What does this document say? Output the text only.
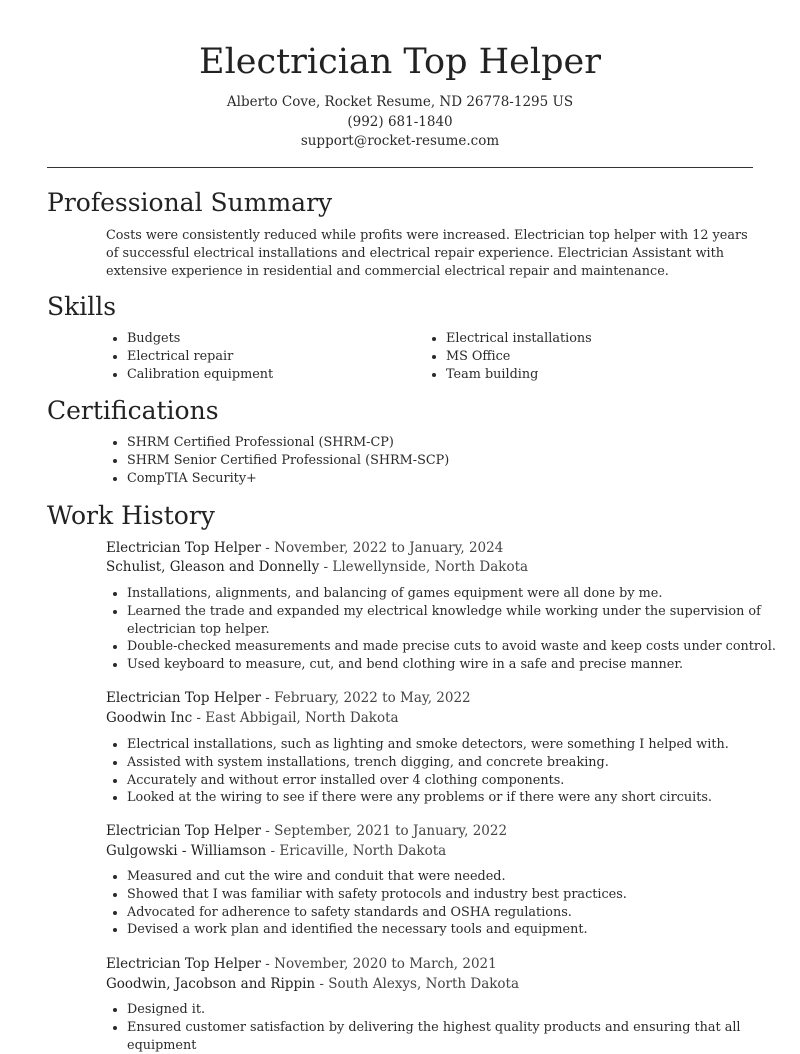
Electrician Top Helper
Alberto Cove, Rocket Resume, ND 26778-1295 US
(992) 681-1840
support@rocket-resume.com
Professional Summary

Costs were consistently reduced while profits were increased. Electrician top helper with 12 years of successful electrical installations and electrical repair experience. Electrician Assistant with extensive experience in residential and commercial electrical repair and maintenance.

Skills
• Budgets
• Electrical repair
• Calibration equipment
• Electrical installations
• MS Office
• Team building
Certifications
• SHRM Certified Professional (SHRM-CP)
• SHRM Senior Certified Professional (SHRM-SCP)
• CompTIA Security+
Work History
Electrician Top Helper - November, 2022 to January, 2024
Schulist, Gleason and Donnelly - Llewellynside, North Dakota
• Installations, alignments, and balancing of games equipment were all done by me.
• Learned the trade and expanded my electrical knowledge while working under the supervision of electrician top helper.
• Double-checked measurements and made precise cuts to avoid waste and keep costs under control.
• Used keyboard to measure, cut, and bend clothing wire in a safe and precise manner.
Electrician Top Helper - February, 2022 to May, 2022
Goodwin Inc - East Abbigail, North Dakota
• Electrical installations, such as lighting and smoke detectors, were something I helped with.
• Assisted with system installations, trench digging, and concrete breaking.
• Accurately and without error installed over 4 clothing components.
• Looked at the wiring to see if there were any problems or if there were any short circuits.
Electrician Top Helper - September, 2021 to January, 2022
Gulgowski - Williamson - Ericaville, North Dakota
• Measured and cut the wire and conduit that were needed.
• Showed that I was familiar with safety protocols and industry best practices.
• Advocated for adherence to safety standards and OSHA regulations.
• Devised a work plan and identified the necessary tools and equipment.
Electrician Top Helper - November, 2020 to March, 2021
Goodwin, Jacobson and Rippin - South Alexys, North Dakota
• Designed it.
• Ensured customer satisfaction by delivering the highest quality products and ensuring that all equipment
